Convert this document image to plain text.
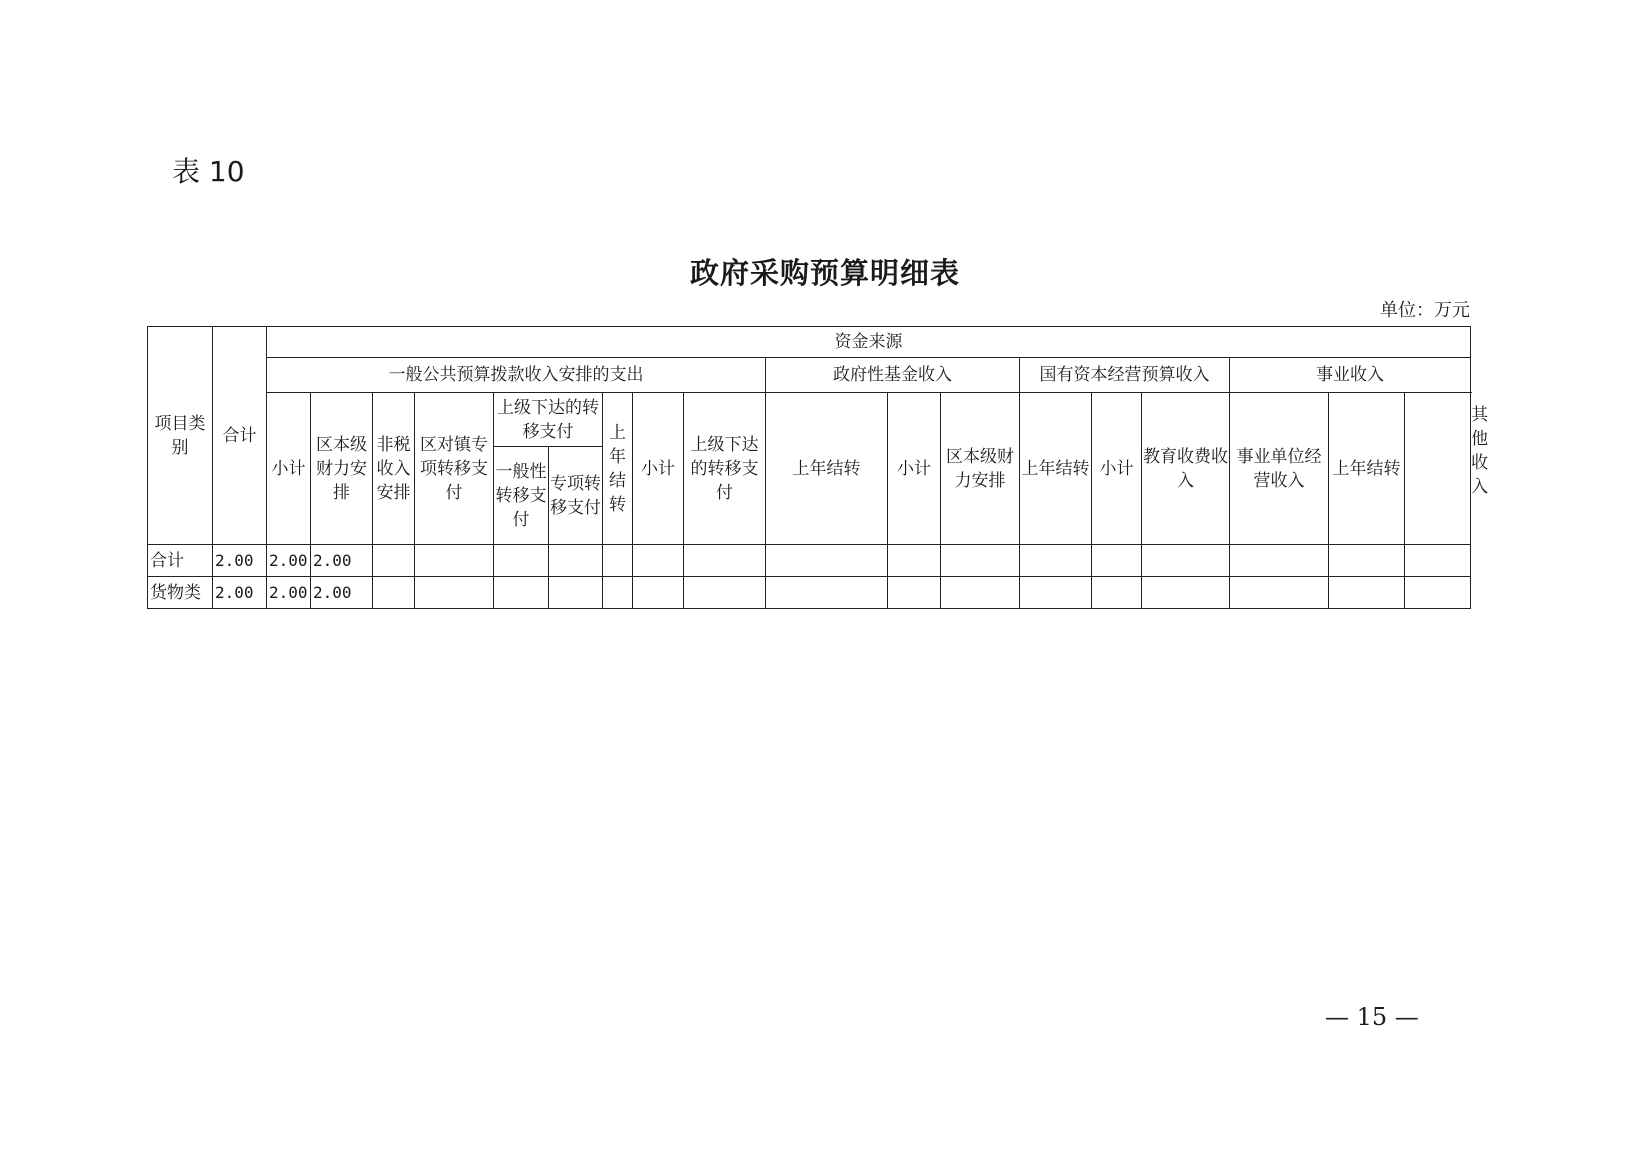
表 10
政府采购预算明细表
单位：万元
项目类别	合计	资金来源																		
		一般公共预算拨款收入安排的支出									政府性基金收入			国有资本经营预算收入			事业收入			其他收入
		小计	区本级财力安排	非税收入安排	区对镇专项转移支付	上级下达的转移支付		上年结转	小计	上级下达的转移支付	上年结转	小计	区本级财力安排	上年结转	小计	教育收费收入	事业单位经营收入	上年结转		
						一般性转移支付	专项转移支付													
合计	2.00	2.00	2.00																	
货物类	2.00	2.00	2.00																	
— 15 —
